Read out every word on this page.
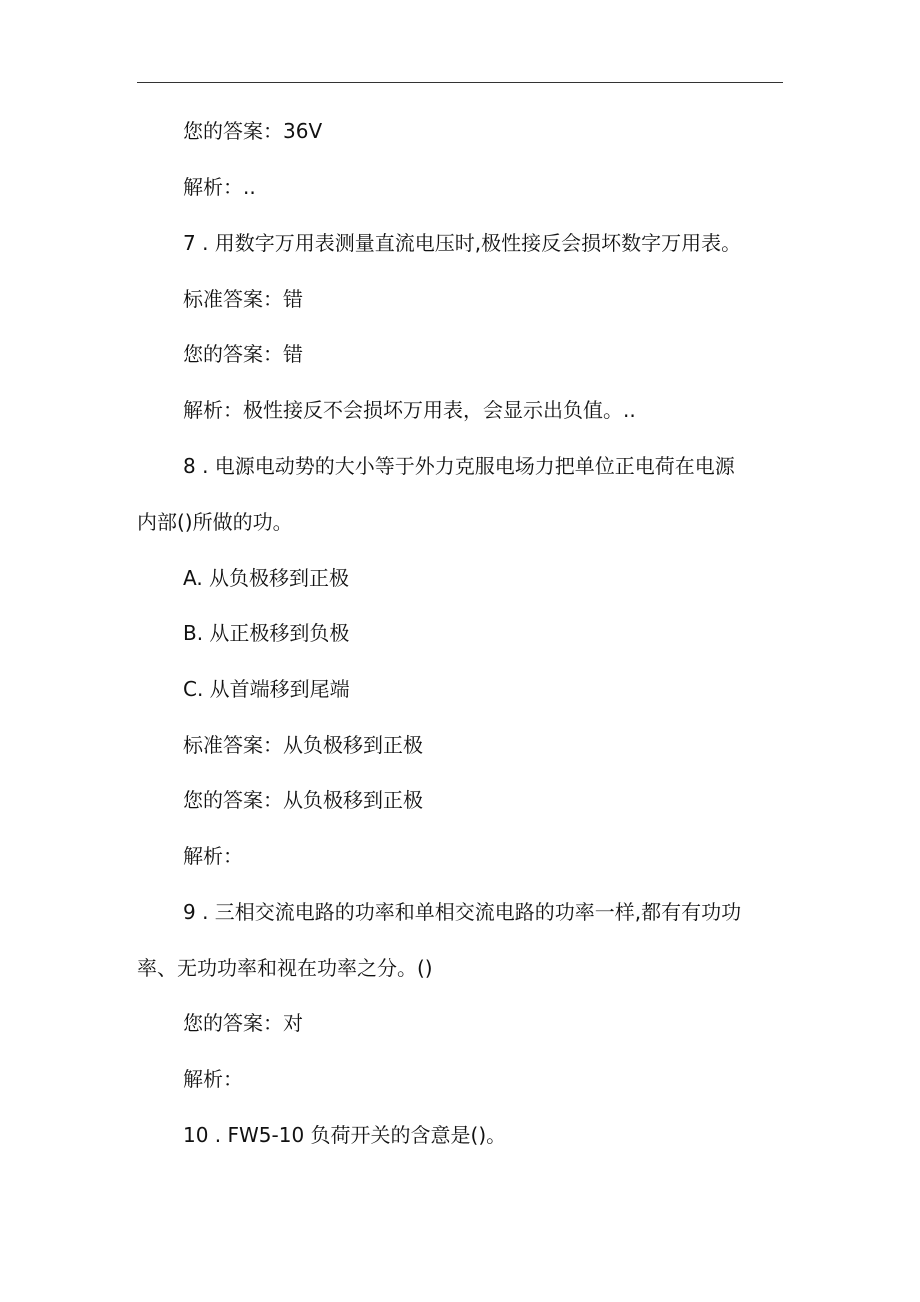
您的答案：36V
解析：..
7 . 用数字万用表测量直流电压时,极性接反会损坏数字万用表。
标准答案：错
您的答案：错
解析：极性接反不会损坏万用表，会显示出负值。..
8 . 电源电动势的大小等于外力克服电场力把单位正电荷在电源
内部()所做的功。
A. 从负极移到正极
B. 从正极移到负极
C. 从首端移到尾端
标准答案：从负极移到正极
您的答案：从负极移到正极
解析：
9 . 三相交流电路的功率和单相交流电路的功率一样,都有有功功
率、无功功率和视在功率之分。()
您的答案：对
解析：
10 . FW5-10 负荷开关的含意是()。
